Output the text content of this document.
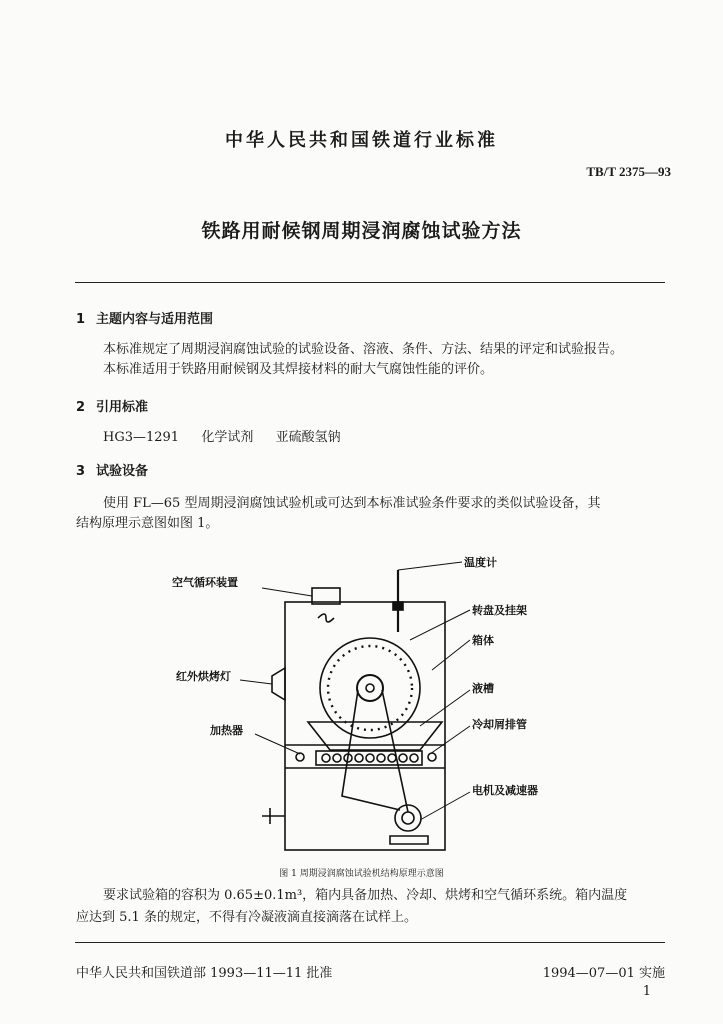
中华人民共和国铁道行业标准
TB/T 2375—93
铁路用耐候钢周期浸润腐蚀试验方法
1 主题内容与适用范围
本标准规定了周期浸润腐蚀试验的试验设备、溶液、条件、方法、结果的评定和试验报告。
本标准适用于铁路用耐候钢及其焊接材料的耐大气腐蚀性能的评价。
2 引用标准
HG3—1291 化学试剂 亚硫酸氢钠
3 试验设备
使用 FL—65 型周期浸润腐蚀试验机或可达到本标准试验条件要求的类似试验设备，其
结构原理示意图如图 1。
空气循环装置
温度计
转盘及挂架
箱体
红外烘烤灯
液槽
加热器	冷却屑排管
电机及减速器
图 1 周期浸润腐蚀试验机结构原理示意图
要求试验箱的容积为 0.65±0.1m³，箱内具备加热、冷却、烘烤和空气循环系统。箱内温度
应达到 5.1 条的规定，不得有冷凝液滴直接滴落在试样上。
中华人民共和国铁道部 1993—11—11 批准	1994—07—01 实施
1
